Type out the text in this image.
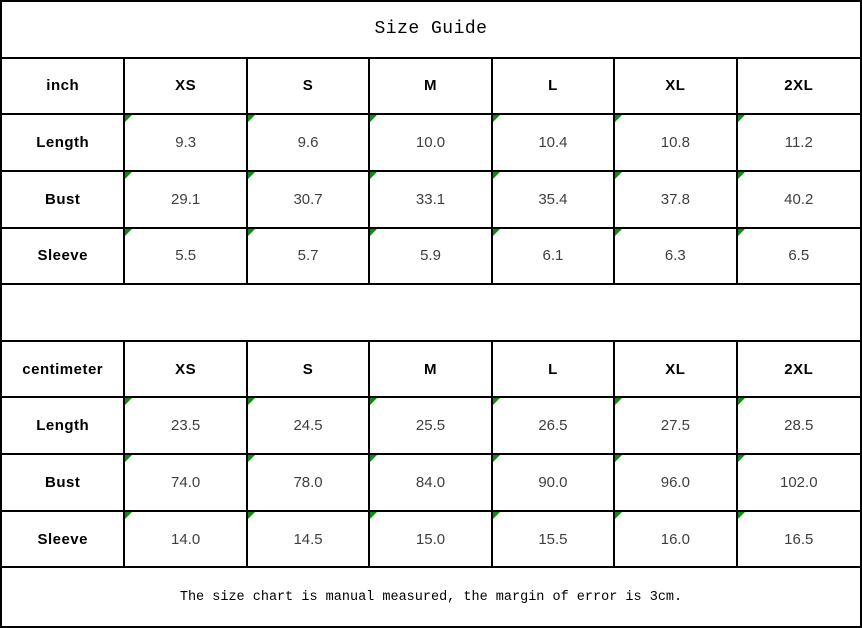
Size Guide
inch	XS	S	M	L	XL	2XL
Length	9.3	9.6	10.0	10.4	10.8	11.2
Bust	29.1	30.7	33.1	35.4	37.8	40.2
Sleeve	5.5	5.7	5.9	6.1	6.3	6.5
centimeter	XS	S	M	L	XL	2XL
Length	23.5	24.5	25.5	26.5	27.5	28.5
Bust	74.0	78.0	84.0	90.0	96.0	102.0
Sleeve	14.0	14.5	15.0	15.5	16.0	16.5
The size chart is manual measured, the margin of error is 3cm.
